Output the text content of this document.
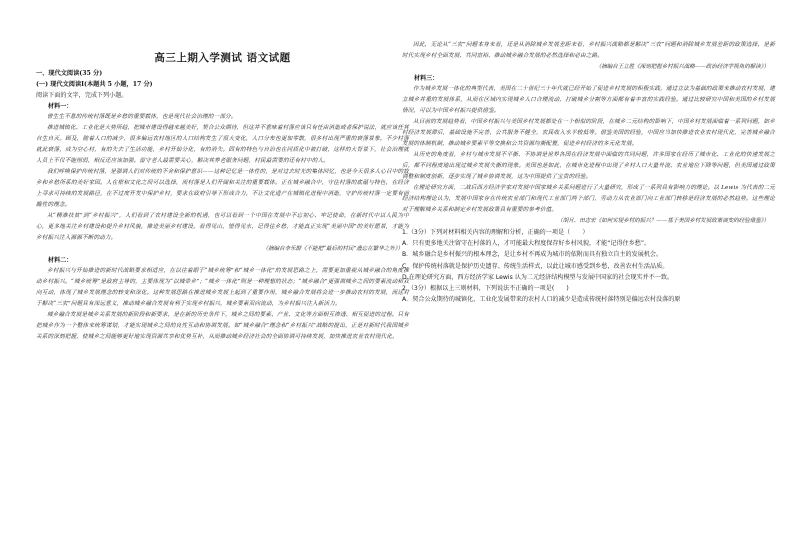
高三上期入学测试 语文试题

一、现代文阅读(35 分)

(一) 现代文阅读Ⅰ(本题共 5 小题，17 分)

阅读下面的文字，完成下列小题。

材料一：

曾生生不息的传统村落既是乡愁的重要载体，也是现代社会治理的一部分。

推进城镇化、工业化是大势所趋，把城市建设得越来越美好，契合公众期待，但这并不意味着村落应该只有任由消逝或者保护说法，就应该任其自生自灭。顾及，随着人口的减少，很多偏远农村地区的人口结构发生了很大变化，人口分布也更加零散，很多村出现严重的衰落景象。不少村落就此衰落，成为空心村，有的失去了生活功能，乡村开始分化，有的消失。固有的特色与自治也在同质化中被打破，这样的大背景下，社会治理就人员上不仅不能削弱，相反还应该加强。留守老人最需要关心，解决其养老服务问题，村民最需要的还有村中的人。

我们呼唤保护传统村落，是强调人们对传统的不舍和保护意识——这种记忆是一体性的，是对过去时光的集体回忆，也是今天很多人心目中的故乡和乡愁所系的美好家园。人在根和文化之间可以选择，而村落是人们开阔和关注的重要载体。正在城乡融合中，守住村落的底蕴与特色，在经济上寻求可持续的发展路径，在不过度开发中保护乡村，要求在政府引导下形成合力，不让文化遗产在城镇化进程中消逝，守护传统村落一定要有前瞻性的理念。

从“精准扶贫”到“乡村振兴”，人们看到了农村建设全新的机遇，也可以看到一个中国在发展中不忘初心、牢记使命，在新时代中以人民为中心，更多地关注乡村建设和提升乡村风貌，推进美丽乡村建设。看得见山，望得见水，记得住乡愁，才能真正实现“美丽中国”的美好愿景，才能为乡村振兴注入源源不断的动力。

（摘编自李乐群《不能把“最后的村民”遗忘在繁华之外》）

材料二：

乡村振兴与开始推进的新时代战略要求相适应，在以往着眼于“城乡统筹”和“城乡一体化”的发展思路之上，需要更加重视从城乡融合的角度推动乡村振兴。“城乡统筹”是政府主导的，主要体现为“以城带乡”；“城乡一体化”则是一种理想的状态；“城乡融合”更强调城乡之间的要素流动和双向互动，体现了城乡发展理念的转变和深化。这种发展思路在推进城乡发展上起到了重要作用，城乡融合发展将会进一步推动农村的发展，而这对于解决“三农”问题具有深远意义，推动城乡融合发展有利于实现乡村振兴，城乡要素双向流动，为乡村振兴注入新活力。

城乡融合发展是城乡关系发展的新阶段和新要求，是在新的历史条件下，城乡之间的要素、产业、文化等方面相互渗透、相互促进的过程。只有把城乡作为一个整体来统筹谋划，才能实现城乡之间的良性互动和协调发展。如“城乡融合”理念和“乡村振兴”战略的提出，正是对新时代我国城乡关系的深刻把握，使城乡之间能够更好地实现资源共享和优势互补，从而推动城乡经济社会的全面协调可持续发展，加快推进农业农村现代化。

因此，无论从“三农”问题本身来看，还是从消除城乡发展差距来看，乡村振兴战略都是解决“三农”问题和消除城乡发展差距的政策选择，是新时代实现乡村全面发展、共同富裕、推动城乡融合发展的必然选择和必由之路。

（摘编自王立胜《深刻把握乡村振兴战略——政治经济学视角的解读》）

材料三：

作为城乡发展一体化的典型代表，美国在二十世纪三十年代就已经开始了促进乡村发展的积极实践，通过立法为基础的政策来推动农村发展，建立城乡并重的发展体系，从而在区域内实现城乡人口合理流动，打破城乡分割等方面都有着丰富的实践经验。通过比较研究中国和美国的乡村发展情况，可以为中国乡村振兴提供借鉴。

从目前的发展趋势看，中国乡村振兴与美国乡村发展都处在一个相似的阶段，在城乡二元结构的影响下，中国乡村发展面临着一系列问题，如乡村经济发展滞后，基础设施不完善，公共服务不健全，农民收入水平较低等。借鉴美国的经验，中国应当加快推进农业农村现代化，完善城乡融合发展的体制机制，推动城乡要素平等交换和公共资源均衡配置，促进乡村经济的多元化发展。

从历史的角度看，乡村与城市发展不平衡、不协调是世界各国在经济发展中面临的共同问题，许多国家在经历了城市化、工业化的快速发展之后，都不同程度地出现过城乡发展失衡的现象。美国也是如此，在城市化进程中出现了乡村人口大量外流、农业地位下降等问题，但美国通过政策调整和制度创新，逐步实现了城乡协调发展，这为中国提供了宝贵的经验。

在理论研究方面，二战后西方经济学家对发展中国家城乡关系问题进行了大量研究，形成了一系列具有影响力的理论。以 Lewis 为代表的二元经济结构理论认为，发展中国家存在传统农业部门和现代工业部门两个部门，劳动力从农业部门向工业部门转移是经济发展的必然趋势。这些理论对于理解城乡关系和制定乡村发展政策具有重要的参考价值。

（胡月、田志宏《如何实现乡村的振兴？——基于美国乡村发展政策演变的经验借鉴》）

1.（3分）下列对材料相关内容的理解和分析，正确的一项是（　　）

A．只有更多地关注留守在村落的人，才可能最大程度保存好乡村风貌，才能“记得住乡愁”。

B．城乡融合是乡村振兴的根本理念，是让乡村不再成为城市的依附而具有独立自主的发展机会。

C．保护传统村落就是保护历史遗存、传统生活样式，以此让城市感受到乡愁，改善农村生活品质。

D.在理论研究方面，西方经济学家 Lewis 认为二元经济结构模型与发展中国家的社会现实并不一致。

2.（3分）根据以上三则材料，下列说法不正确的一项是(　　)

A．契合公众期待的城镇化、工业化发展带来的农村人口的减少是造成传统村落特别是偏远农村没落的原
